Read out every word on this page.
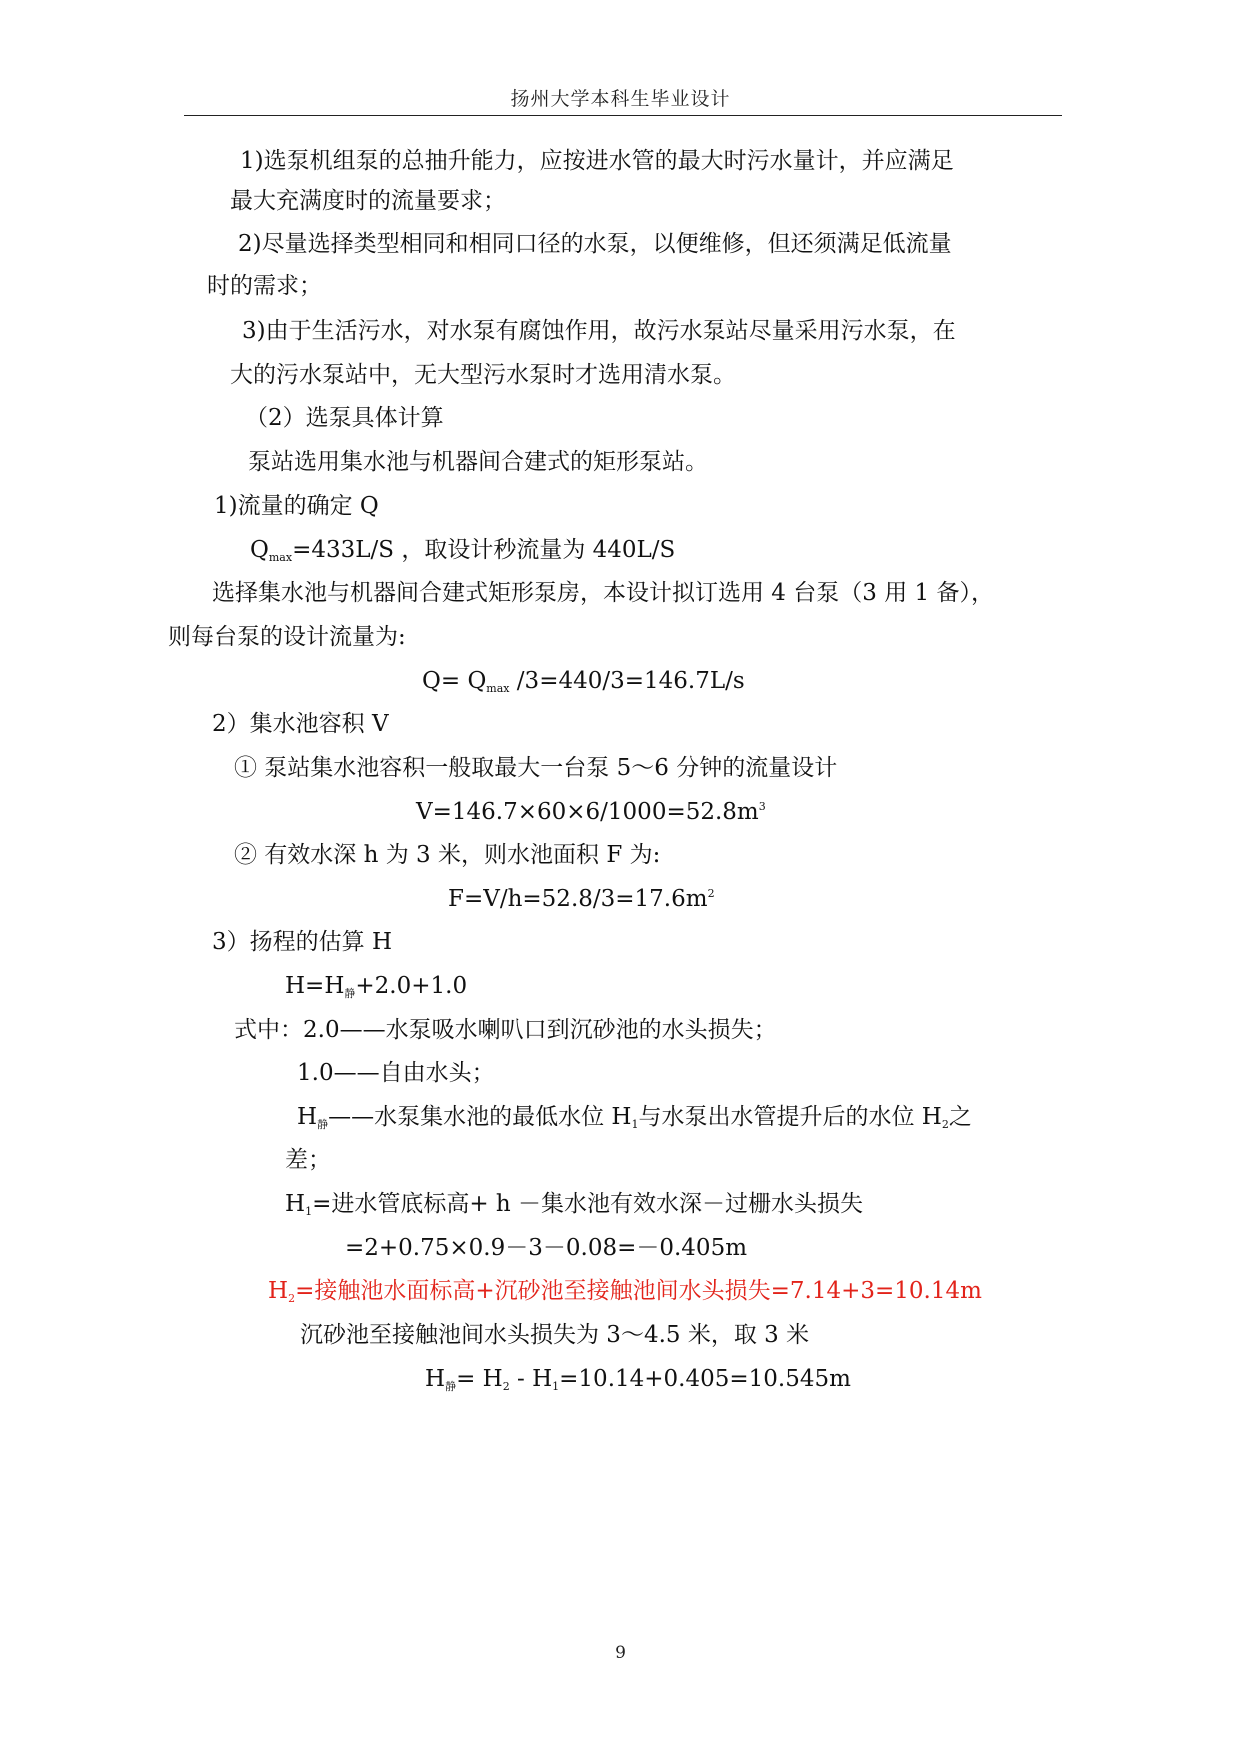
扬州大学本科生毕业设计
1)选泵机组泵的总抽升能力，应按进水管的最大时污水量计，并应满足
最大充满度时的流量要求；
2)尽量选择类型相同和相同口径的水泵，以便维修，但还须满足低流量
时的需求；
3)由于生活污水，对水泵有腐蚀作用，故污水泵站尽量采用污水泵，在
大的污水泵站中，无大型污水泵时才选用清水泵。
（2）选泵具体计算
泵站选用集水池与机器间合建式的矩形泵站。
1)流量的确定 Q
$Q_{max}=433L/S$ ，取设计秒流量为 440L/S
选择集水池与机器间合建式矩形泵房，本设计拟订选用 4 台泵（3 用 1 备），
则每台泵的设计流量为:
$Q= Q_{max}$ /3=440/3=146.7L/s
2）集水池容积 V
① 泵站集水池容积一般取最大一台泵 5～6 分钟的流量设计
$V=146.7\times 60\times 6/1000=52.8m^3$
② 有效水深 h 为 3 米，则水池面积 F 为:
$F=V/h=52.8/3=17.6m^2$
3）扬程的估算 H
$H=H_静+2.0+1.0$
式中：2.0——水泵吸水喇叭口到沉砂池的水头损失；
1.0——自由水头；
$H_静——$水泵集水池的最低水位 $H_1$与水泵出水管提升后的水位 $H_2$之
差；
$H_1=$进水管底标高+ h －集水池有效水深－过栅水头损失
=2+0.75×0.9－3－0.08=－0.405m
$H_2=$接触池水面标高+沉砂池至接触池间水头损失=7.14+3=10.14m
沉砂池至接触池间水头损失为 3～4.5 米，取 3 米
$H_静= H_2 - H_1=10.14+0.405=10.545m$
9
